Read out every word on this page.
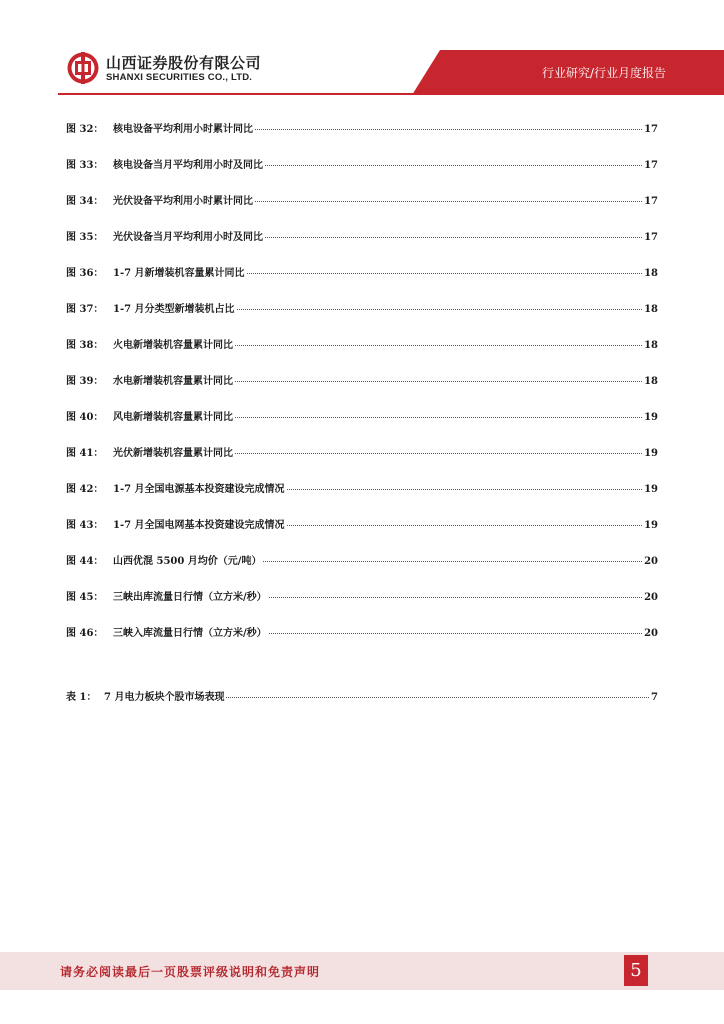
行业研究/行业月度报告
山西证券股份有限公司
SHANXI SECURITIES CO., LTD.
图 32： 核电设备平均利用小时累计同比	17
图 33： 核电设备当月平均利用小时及同比	17
图 34： 光伏设备平均利用小时累计同比	17
图 35： 光伏设备当月平均利用小时及同比	17
图 36： 1-7 月新增装机容量累计同比	18
图 37： 1-7 月分类型新增装机占比	18
图 38： 火电新增装机容量累计同比	18
图 39： 水电新增装机容量累计同比	18
图 40： 风电新增装机容量累计同比	19
图 41： 光伏新增装机容量累计同比	19
图 42： 1-7 月全国电源基本投资建设完成情况	19
图 43： 1-7 月全国电网基本投资建设完成情况	19
图 44： 山西优混 5500 月均价（元/吨）	20
图 45： 三峡出库流量日行情（立方米/秒）	20
图 46： 三峡入库流量日行情（立方米/秒）	20
表 1： 7 月电力板块个股市场表现	7
请务必阅读最后一页股票评级说明和免责声明	5
